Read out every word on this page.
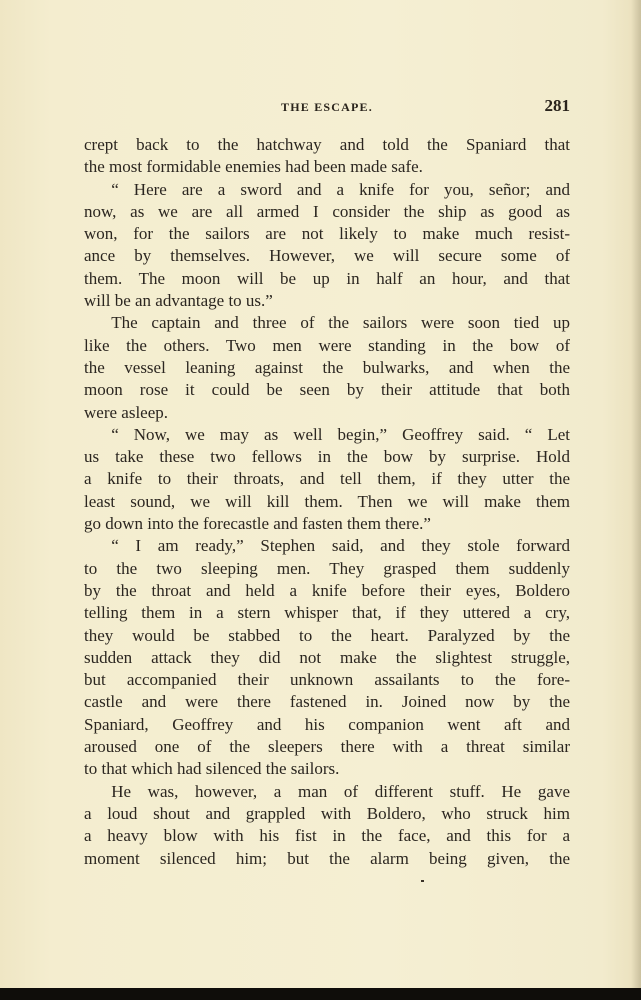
THE ESCAPE.	281
crept back to the hatchway and told the Spaniard that
the most formidable enemies had been made safe.
“ Here are a sword and a knife for you, señor; and
now, as we are all armed I consider the ship as good as
won, for the sailors are not likely to make much resist-
ance by themselves. However, we will secure some of
them. The moon will be up in half an hour, and that
will be an advantage to us.”
The captain and three of the sailors were soon tied up
like the others. Two men were standing in the bow of
the vessel leaning against the bulwarks, and when the
moon rose it could be seen by their attitude that both
were asleep.
“ Now, we may as well begin,” Geoffrey said. “ Let
us take these two fellows in the bow by surprise. Hold
a knife to their throats, and tell them, if they utter the
least sound, we will kill them. Then we will make them
go down into the forecastle and fasten them there.”
“ I am ready,” Stephen said, and they stole forward
to the two sleeping men. They grasped them suddenly
by the throat and held a knife before their eyes, Boldero
telling them in a stern whisper that, if they uttered a cry,
they would be stabbed to the heart. Paralyzed by the
sudden attack they did not make the slightest struggle,
but accompanied their unknown assailants to the fore-
castle and were there fastened in. Joined now by the
Spaniard, Geoffrey and his companion went aft and
aroused one of the sleepers there with a threat similar
to that which had silenced the sailors.
He was, however, a man of different stuff. He gave
a loud shout and grappled with Boldero, who struck him
a heavy blow with his fist in the face, and this for a
moment silenced him; but the alarm being given, the
